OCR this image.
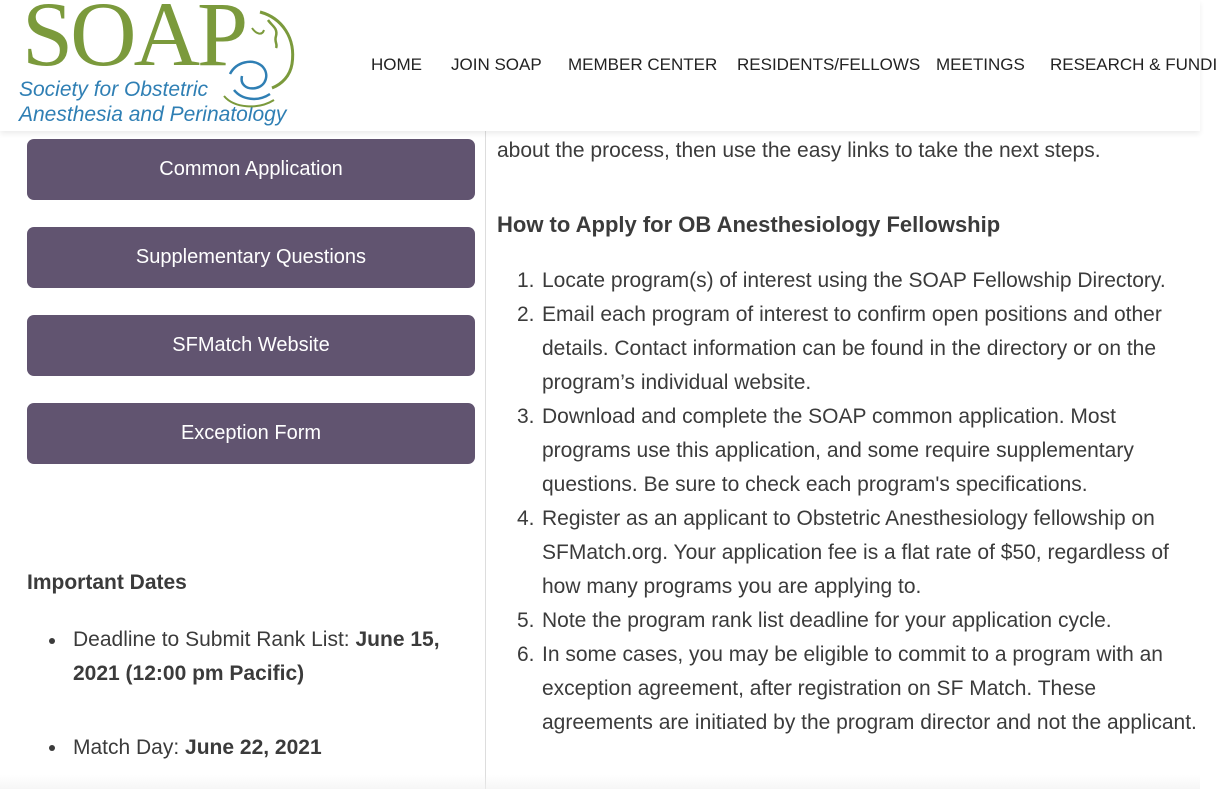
SOAP
Society for Obstetric
Anesthesia and Perinatology
HOME JOIN SOAP MEMBER CENTER RESIDENTS/FELLOWS MEETINGS RESEARCH & FUNDI
Common Application
Supplementary Questions
SFMatch Website
Exception Form
Important Dates
Deadline to Submit Rank List: June 15, 2021 (12:00 pm Pacific)
Match Day: June 22, 2021
about the process, then use the easy links to take the next steps.
How to Apply for OB Anesthesiology Fellowship
1. Locate program(s) of interest using the SOAP Fellowship Directory.
2. Email each program of interest to confirm open positions and other details. Contact information can be found in the directory or on the program’s individual website.
3. Download and complete the SOAP common application. Most programs use this application, and some require supplementary questions. Be sure to check each program's specifications.
4. Register as an applicant to Obstetric Anesthesiology fellowship on SFMatch.org. Your application fee is a flat rate of $50, regardless of how many programs you are applying to.
5. Note the program rank list deadline for your application cycle.
6. In some cases, you may be eligible to commit to a program with an exception agreement, after registration on SF Match. These agreements are initiated by the program director and not the applicant.
